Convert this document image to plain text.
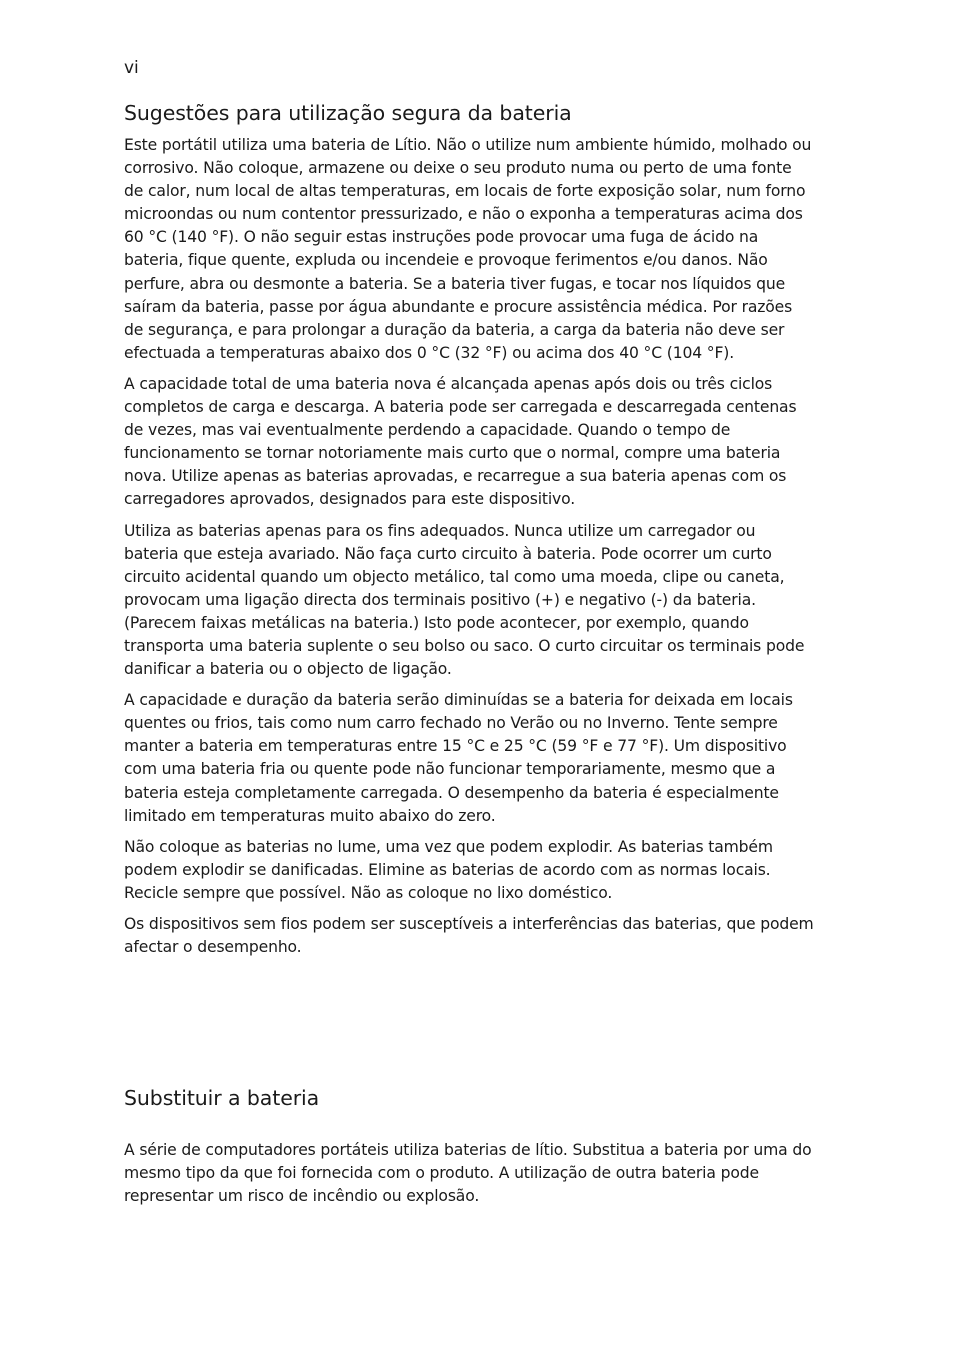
vi
Sugestões para utilização segura da bateria

Este portátil utiliza uma bateria de Lítio. Não o utilize num ambiente húmido, molhado ou corrosivo. Não coloque, armazene ou deixe o seu produto numa ou perto de uma fonte de calor, num local de altas temperaturas, em locais de forte exposição solar, num forno microondas ou num contentor pressurizado, e não o exponha a temperaturas acima dos 60 °C (140 °F). O não seguir estas instruções pode provocar uma fuga de ácido na bateria, fique quente, expluda ou incendeie e provoque ferimentos e/ou danos. Não perfure, abra ou desmonte a bateria. Se a bateria tiver fugas, e tocar nos líquidos que saíram da bateria, passe por água abundante e procure assistência médica. Por razões de segurança, e para prolongar a duração da bateria, a carga da bateria não deve ser efectuada a temperaturas abaixo dos 0 °C (32 °F) ou acima dos 40 °C (104 °F).

A capacidade total de uma bateria nova é alcançada apenas após dois ou três ciclos completos de carga e descarga. A bateria pode ser carregada e descarregada centenas de vezes, mas vai eventualmente perdendo a capacidade. Quando o tempo de funcionamento se tornar notoriamente mais curto que o normal, compre uma bateria nova. Utilize apenas as baterias aprovadas, e recarregue a sua bateria apenas com os carregadores aprovados, designados para este dispositivo.

Utiliza as baterias apenas para os fins adequados. Nunca utilize um carregador ou bateria que esteja avariado. Não faça curto circuito à bateria. Pode ocorrer um curto circuito acidental quando um objecto metálico, tal como uma moeda, clipe ou caneta, provocam uma ligação directa dos terminais positivo (+) e negativo (-) da bateria. (Parecem faixas metálicas na bateria.) Isto pode acontecer, por exemplo, quando transporta uma bateria suplente o seu bolso ou saco. O curto circuitar os terminais pode danificar a bateria ou o objecto de ligação.

A capacidade e duração da bateria serão diminuídas se a bateria for deixada em locais quentes ou frios, tais como num carro fechado no Verão ou no Inverno. Tente sempre manter a bateria em temperaturas entre 15 °C e 25 °C (59 °F e 77 °F). Um dispositivo com uma bateria fria ou quente pode não funcionar temporariamente, mesmo que a bateria esteja completamente carregada. O desempenho da bateria é especialmente limitado em temperaturas muito abaixo do zero.

Não coloque as baterias no lume, uma vez que podem explodir. As baterias também podem explodir se danificadas. Elimine as baterias de acordo com as normas locais. Recicle sempre que possível. Não as coloque no lixo doméstico.

Os dispositivos sem fios podem ser susceptíveis a interferências das baterias, que podem afectar o desempenho.

Substituir a bateria

A série de computadores portáteis utiliza baterias de lítio. Substitua a bateria por uma do mesmo tipo da que foi fornecida com o produto. A utilização de outra bateria pode representar um risco de incêndio ou explosão.
